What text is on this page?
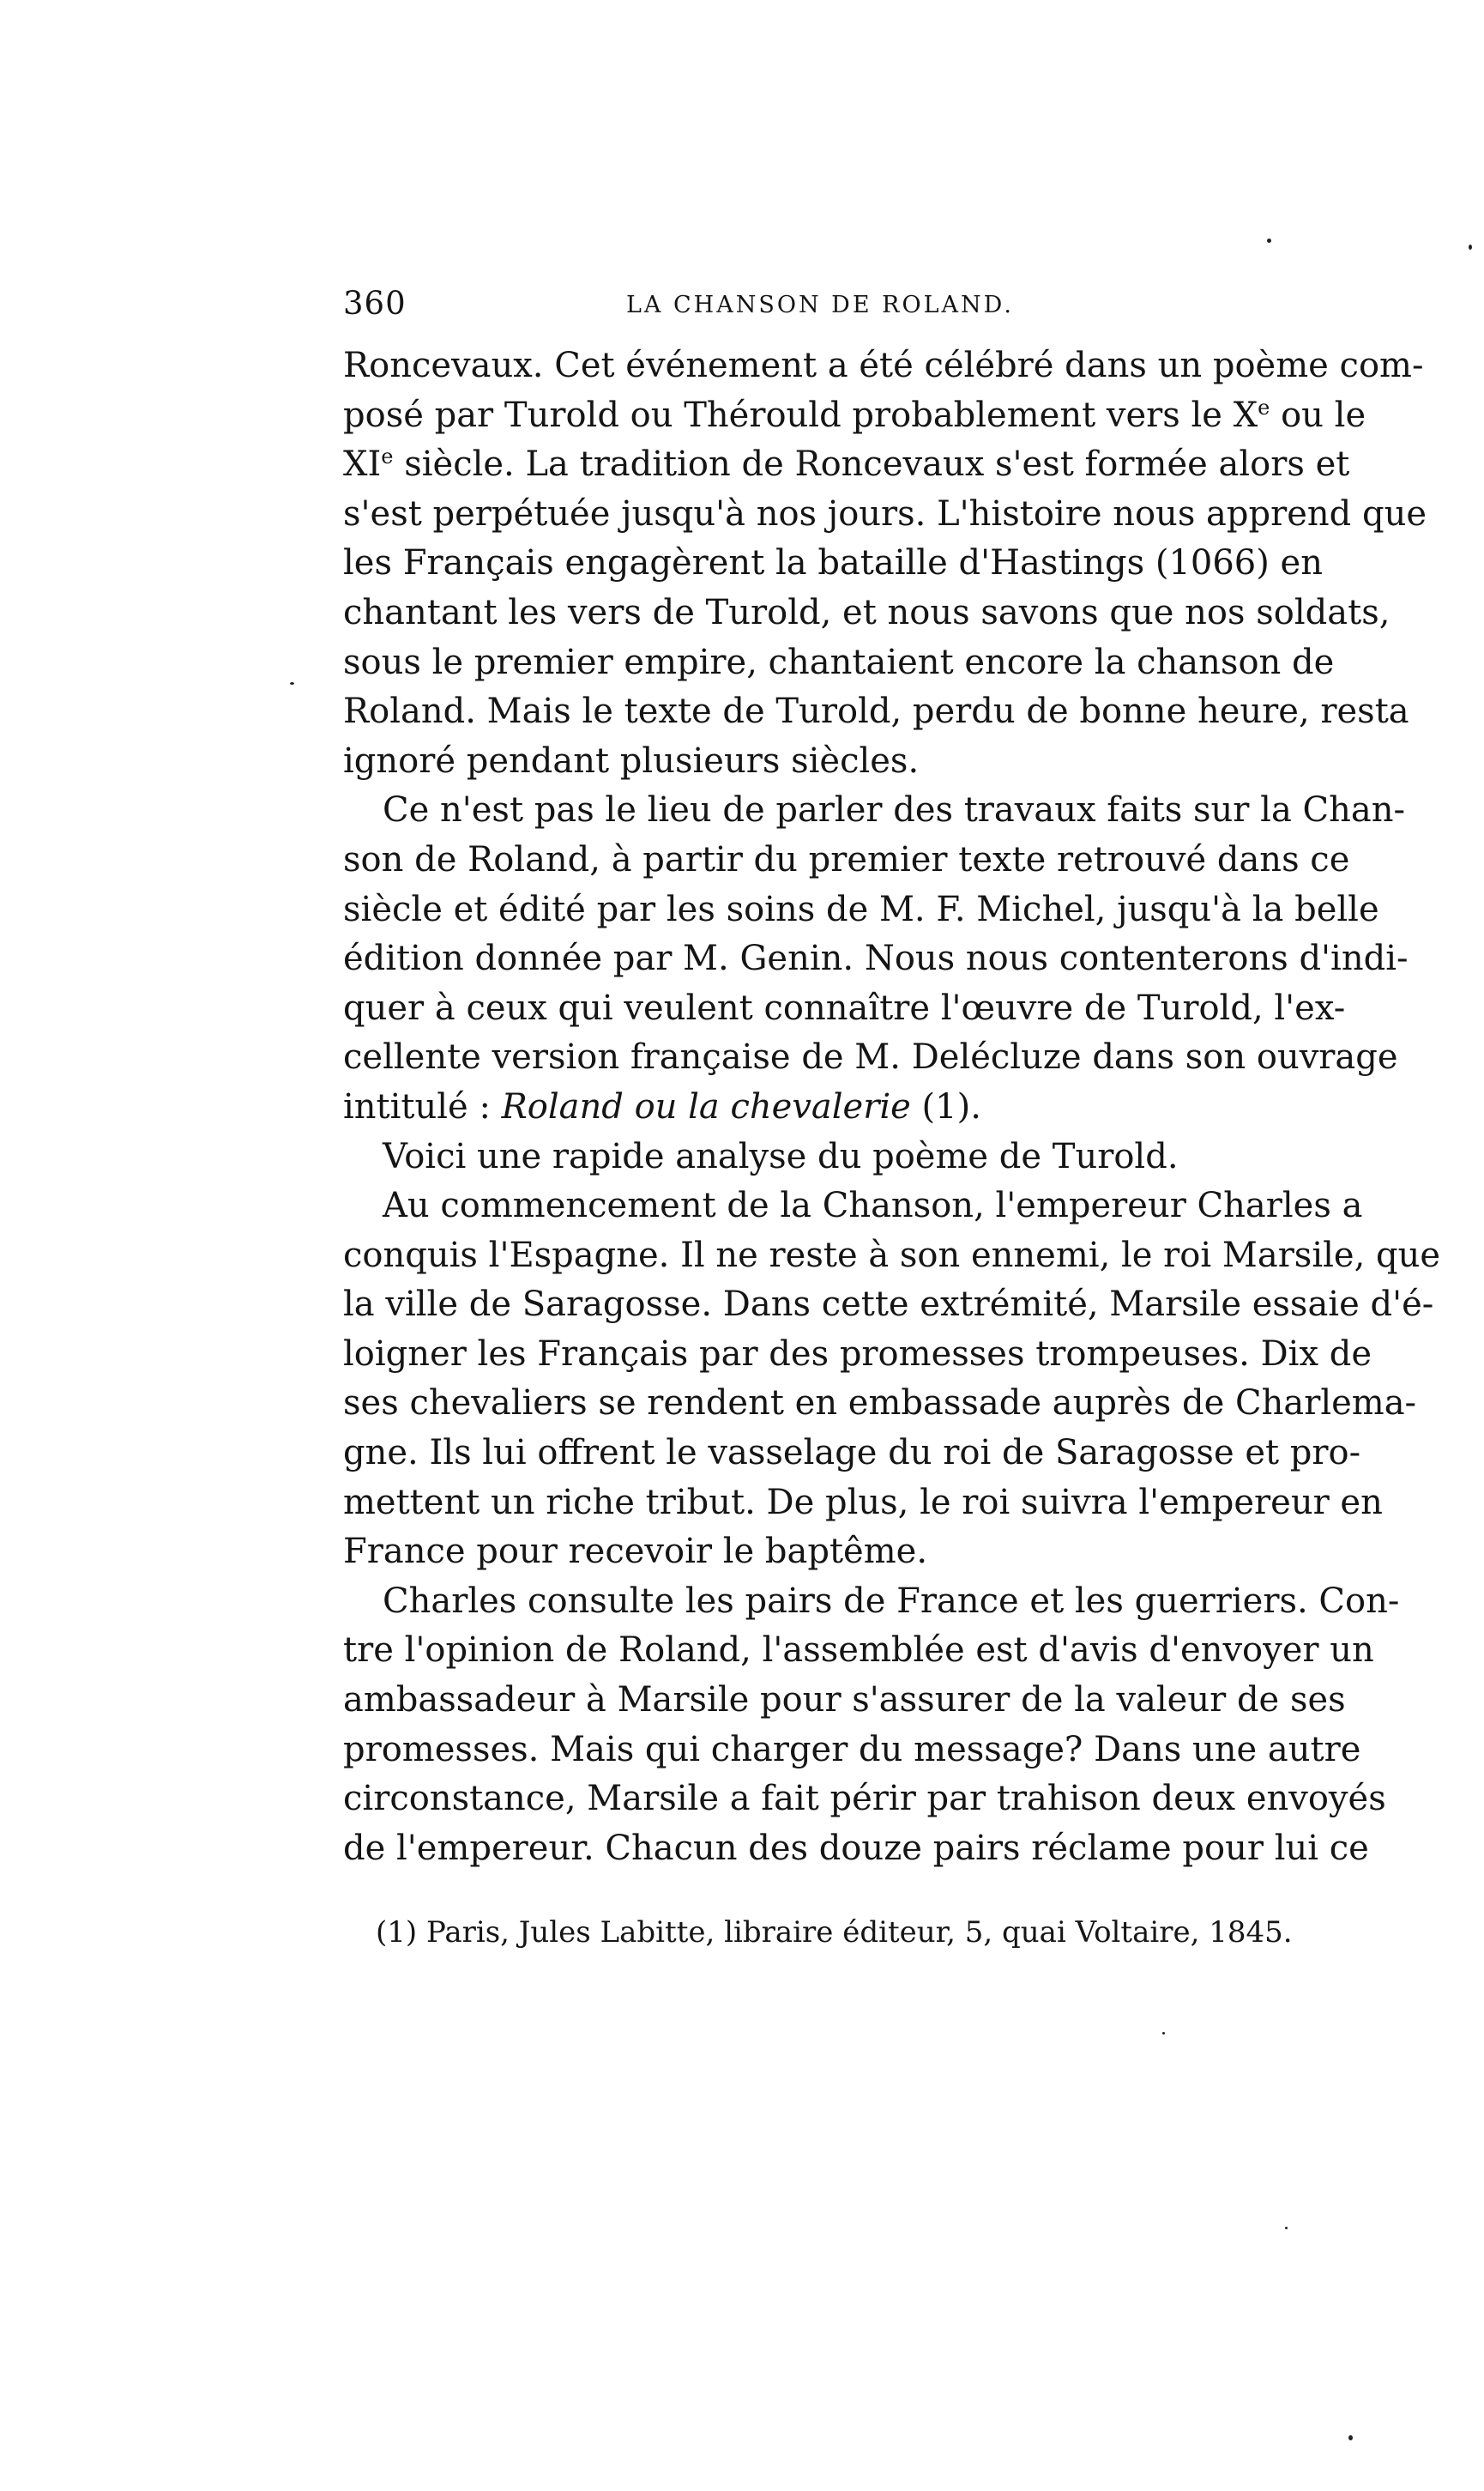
360	LA CHANSON DE ROLAND.
Roncevaux. Cet événement a été célébré dans un poème com-
posé par Turold ou Thérould probablement vers le Xe ou le
XIe siècle. La tradition de Roncevaux s'est formée alors et
s'est perpétuée jusqu'à nos jours. L'histoire nous apprend que
les Français engagèrent la bataille d'Hastings (1066) en
chantant les vers de Turold, et nous savons que nos soldats,
sous le premier empire, chantaient encore la chanson de
Roland. Mais le texte de Turold, perdu de bonne heure, resta
ignoré pendant plusieurs siècles.
Ce n'est pas le lieu de parler des travaux faits sur la Chan-
son de Roland, à partir du premier texte retrouvé dans ce
siècle et édité par les soins de M. F. Michel, jusqu'à la belle
édition donnée par M. Genin. Nous nous contenterons d'indi-
quer à ceux qui veulent connaître l'œuvre de Turold, l'ex-
cellente version française de M. Delécluze dans son ouvrage
intitulé : Roland ou la chevalerie (1).
Voici une rapide analyse du poème de Turold.
Au commencement de la Chanson, l'empereur Charles a
conquis l'Espagne. Il ne reste à son ennemi, le roi Marsile, que
la ville de Saragosse. Dans cette extrémité, Marsile essaie d'é-
loigner les Français par des promesses trompeuses. Dix de
ses chevaliers se rendent en embassade auprès de Charlema-
gne. Ils lui offrent le vasselage du roi de Saragosse et pro-
mettent un riche tribut. De plus, le roi suivra l'empereur en
France pour recevoir le baptême.
Charles consulte les pairs de France et les guerriers. Con-
tre l'opinion de Roland, l'assemblée est d'avis d'envoyer un
ambassadeur à Marsile pour s'assurer de la valeur de ses
promesses. Mais qui charger du message? Dans une autre
circonstance, Marsile a fait périr par trahison deux envoyés
de l'empereur. Chacun des douze pairs réclame pour lui ce
(1) Paris, Jules Labitte, libraire éditeur, 5, quai Voltaire, 1845.
